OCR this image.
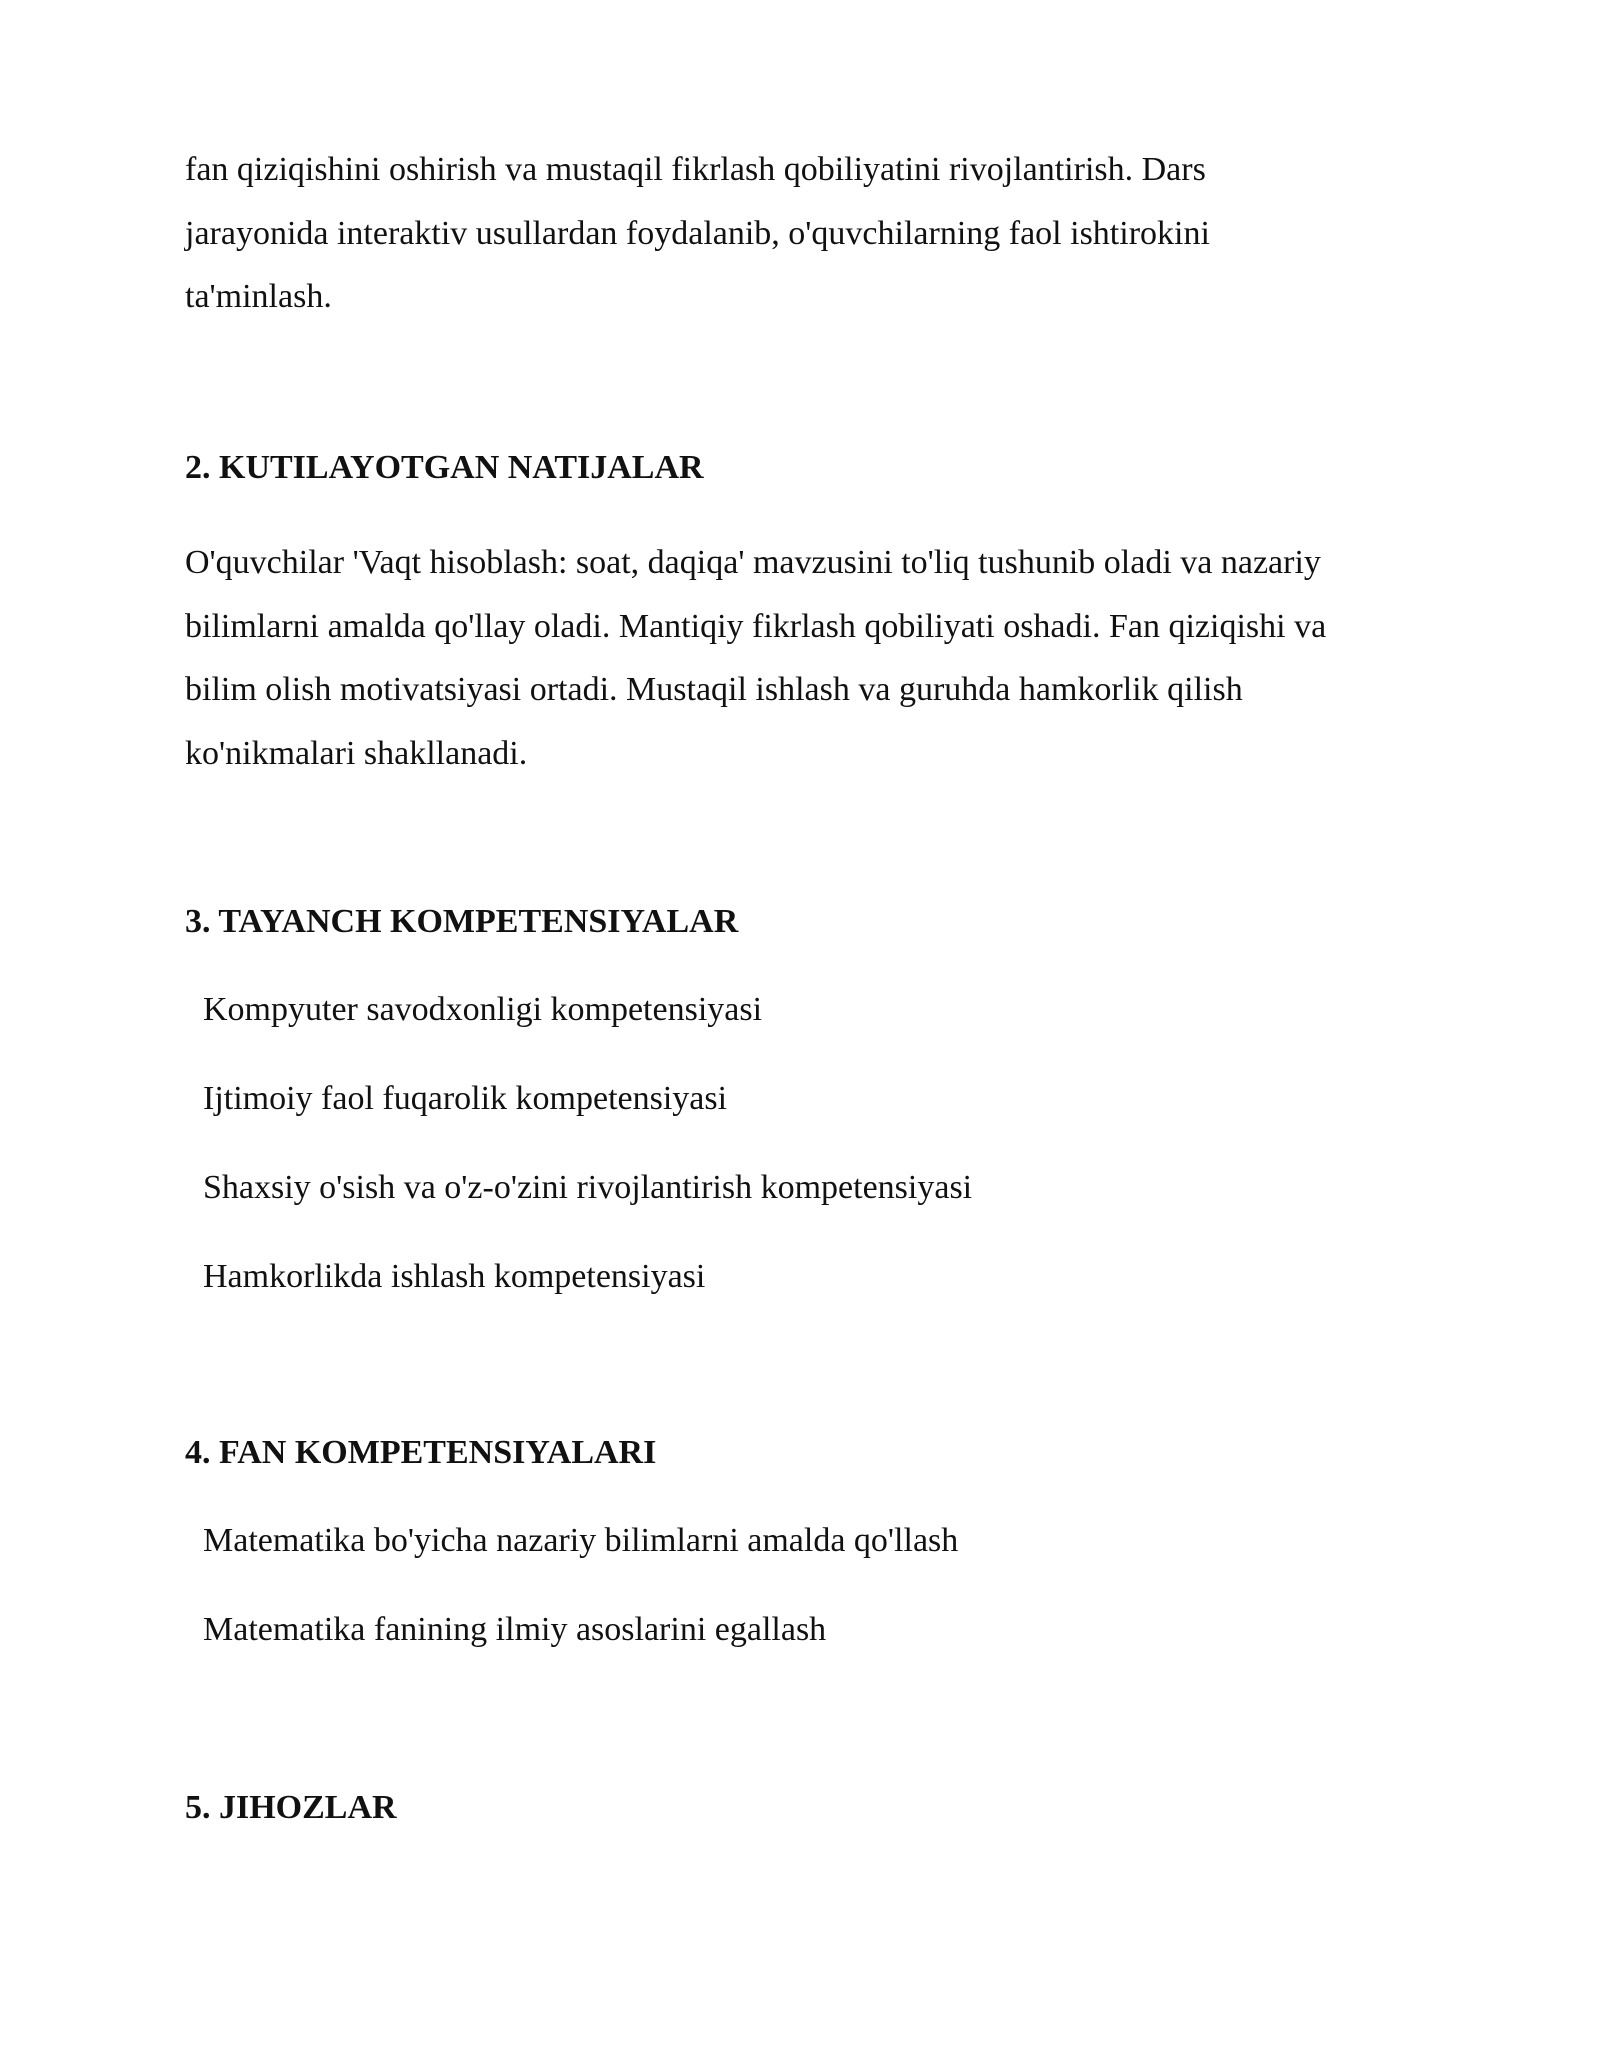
fan qiziqishini oshirish va mustaqil fikrlash qobiliyatini rivojlantirish. Dars
jarayonida interaktiv usullardan foydalanib, o'quvchilarning faol ishtirokini
ta'minlash.

2. KUTILAYOTGAN NATIJALAR

O'quvchilar 'Vaqt hisoblash: soat, daqiqa' mavzusini to'liq tushunib oladi va nazariy
bilimlarni amalda qo'llay oladi. Mantiqiy fikrlash qobiliyati oshadi. Fan qiziqishi va
bilim olish motivatsiyasi ortadi. Mustaqil ishlash va guruhda hamkorlik qilish
ko'nikmalari shakllanadi.

3. TAYANCH KOMPETENSIYALAR

Kompyuter savodxonligi kompetensiyasi

Ijtimoiy faol fuqarolik kompetensiyasi

Shaxsiy o'sish va o'z-o'zini rivojlantirish kompetensiyasi

Hamkorlikda ishlash kompetensiyasi

4. FAN KOMPETENSIYALARI

Matematika bo'yicha nazariy bilimlarni amalda qo'llash

Matematika fanining ilmiy asoslarini egallash

5. JIHOZLAR
